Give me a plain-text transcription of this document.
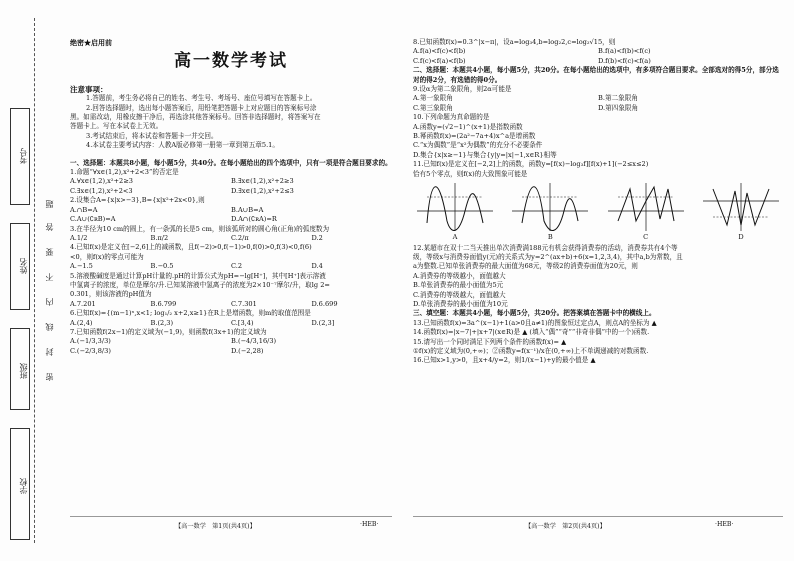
考号
姓名
班级
学校
题
答
要
不
内
线
封
密

绝密★启用前

高一数学考试

注意事项：

1.答题前，考生务必将自己的姓名、考生号、考场号、座位号填写在答题卡上。

2.回答选择题时，选出每小题答案后，用铅笔把答题卡上对应题目的答案标号涂

黑。如需改动，用橡皮擦干净后，再选涂其他答案标号。回答非选择题时，将答案写在

答题卡上。写在本试卷上无效。

3.考试结束后，将本试卷和答题卡一并交回。

4.本试卷主要考试内容：人教A版必修第一册第一章到第五章5.1。

一、选择题：本题共8小题，每小题5分，共40分。在每小题给出的四个选项中，只有一项是符合题目要求的。

1.命题“∀x∈(1,2),x²+2<3”的否定是

A.∀x∈(1,2),x²+2≥3	B.∃x∈(1,2),x²+2≥3
C.∃x∈(1,2),x²+2<3	D.∃x∈(1,2),x²+2≤3

2.设集合A={x|x>−3},B={x|x²+2x<0},则

A.∩B=A	B.A∪B=A
C.A∪(∁ʀB)=A	D.A∩(∁ʀA)=R

3.在半径为10 cm的圆上，有一条弧的长是5 cm，则该弧所对的圆心角(正角)的弧度数为

A.1/2	B.π/2	C.2/π	D.2

4.已知f(x)是定义在[−2,6]上的减函数，且f(−2)>0,f(−1)>0,f(0)>0,f(3)<0,f(6)

<0，则f(x)的零点可能为

A.−1.5	B.−0.5	C.2	D.4

5.溶液酸碱度是通过计算pH计量的.pH的计算公式为pH=−lg[H⁺]，其中[H⁺]表示溶液

中氢离子的浓度，单位是摩尔/升.已知某溶液中氢离子的浓度为2×10⁻⁷摩尔/升，取lg 2=

0.301，则该溶液的pH值为

A.7.201	B.6.799	C.7.301	D.6.699

6.已知f(x)={(m−1)ˣ,x<1; log₁/₂ x+2,x≥1}在R上是增函数，则m的取值范围是

A.(2,4)	B.(2,3)	C.[3,4)	D.(2,3]

7.已知函数f(2x−1)的定义域为(−1,9)，则函数f(3x+1)的定义域为

A.(−1/3,3/3)	B.(−4/3,16/3)
C.(−2/3,8/3)	D.(−2,28)

8.已知函数f(x)=0.3^|x−π|，设a=log₃4,b=log₂2,c=log₂√15，则

A.f(a)<f(c)<f(b)	B.f(a)<f(b)<f(c)
C.f(c)<f(a)<f(b)	D.f(b)<f(c)<f(a)

二、选择题：本题共4小题，每小题5分，共20分。在每小题给出的选项中，有多项符合题目要求。全部选对的得5分，部分选对的得2分，有选错的得0分。

9.设α为第二象限角，则2α可能是

A.第一象限角	B.第二象限角
C.第三象限角	D.第四象限角

10.下列命题为真命题的是

A.函数y=(√2−1)^(x+1)是指数函数

B.幂函数f(x)=(2a²−7a+4)x^a是增函数

C.“x为偶数”是“x²为偶数”的充分不必要条件

D.集合{x|x≥−1}与集合{y|y=|x|−1,x∈R}相等

11.已知f(x)是定义在[−2,2]上的函数，函数y=[f(x)−log₃f][f(x)+1](−2≤x≤2)

恰有5个零点，则f(x)的大致图象可能是

A	B	C	D

12.某超市在双十二当天推出单次消费满188元有机会获得消费券的活动，消费券共有4个等

级，等级x与消费券面值y(元)的关系式为y=2^(ax+b)+6(x=1,2,3,4)，其中a,b为常数，且

a为整数.已知单张消费券的最大面值为68元，等级2的消费券面值为20元，则

A.消费券的等级越小，面值越大

B.单张消费券的最小面值为5元

C.消费券的等级越大，面值越大

D.单张消费券的最小面值为10元

三、填空题：本题共4小题，每小题5分，共20分。把答案填在答题卡中的横线上。

13.已知函数f(x)=3a^(x−1)+1(a>0且a≠1)的图象恒过定点A，则点A的坐标为 ▲

14.函数f(x)=|x−7|+|x+7|(x∈R)是 ▲ (填入“偶”“奇”“非奇非偶”中的一个)函数.

15.请写出一个同时满足下列两个条件的函数f(x)= ▲

①f(x)的定义域为(0,+∞)；②函数y=f(x⁻¹)/x在(0,+∞)上不单调递减的对数函数.

16.已知x>1,y>0，且x+4/y=2，则1/(x−1)+y的最小值是 ▲

【高一数学　第1页(共4页)】	·HEB·	【高一数学　第2页(共4页)】	·HEB·
